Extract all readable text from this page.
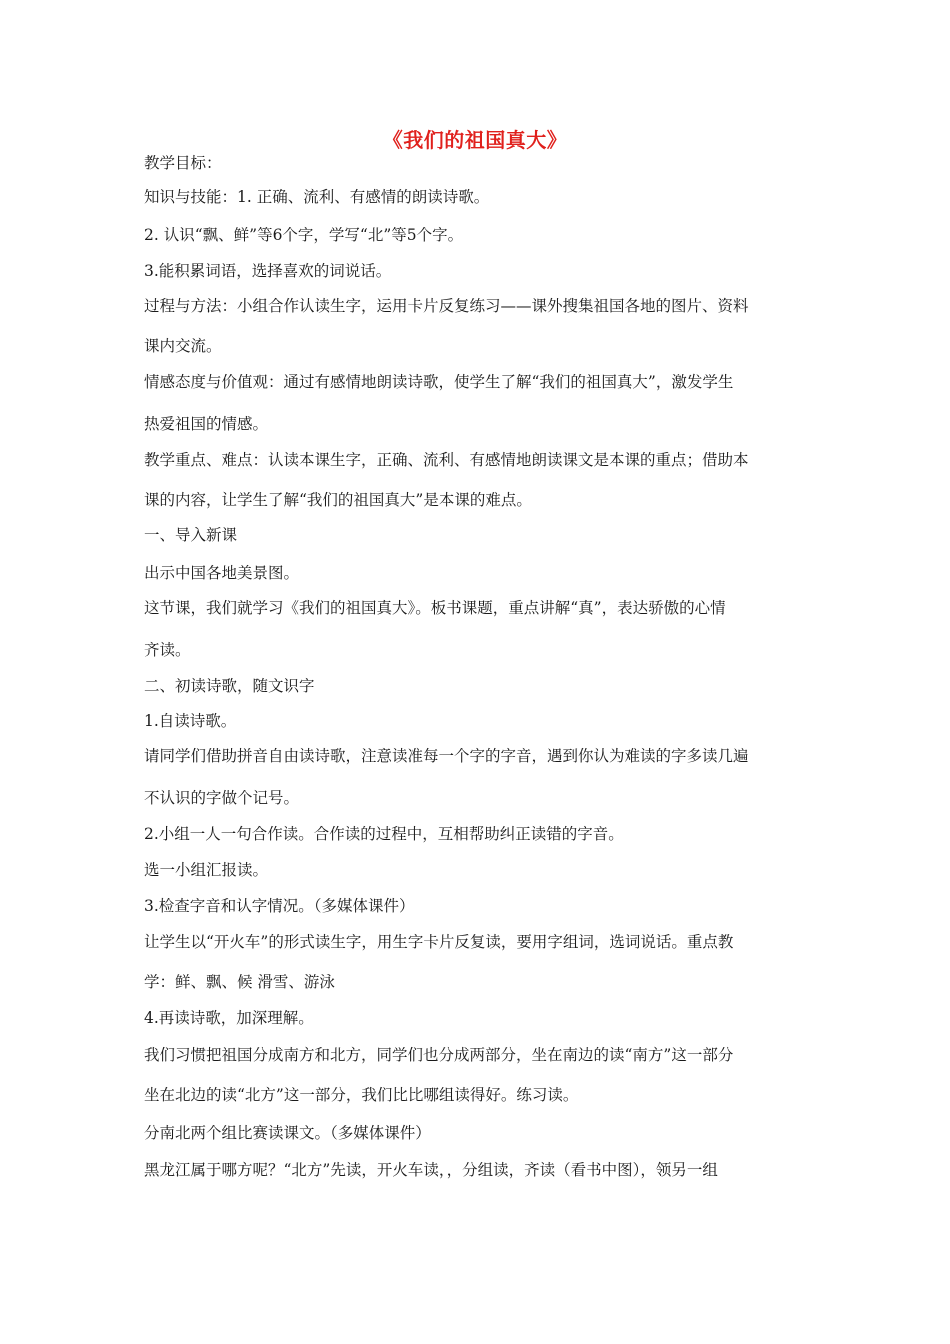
《我们的祖国真大》
教学目标：
知识与技能：1. 正确、流利、有感情的朗读诗歌。
2. 认识“飘、鲜”等6个字，学写“北”等5个字。
3.能积累词语，选择喜欢的词说话。
过程与方法：小组合作认读生字，运用卡片反复练习——课外搜集祖国各地的图片、资料
课内交流。
情感态度与价值观：通过有感情地朗读诗歌，使学生了解“我们的祖国真大”，激发学生
热爱祖国的情感。
教学重点、难点：认读本课生字，正确、流利、有感情地朗读课文是本课的重点；借助本
课的内容，让学生了解“我们的祖国真大”是本课的难点。
一、导入新课
出示中国各地美景图。
这节课，我们就学习《我们的祖国真大》。板书课题，重点讲解“真”，表达骄傲的心情
齐读。
二、初读诗歌，随文识字
1.自读诗歌。
请同学们借助拼音自由读诗歌，注意读准每一个字的字音，遇到你认为难读的字多读几遍
不认识的字做个记号。
2.小组一人一句合作读。合作读的过程中，互相帮助纠正读错的字音。
选一小组汇报读。
3.检查字音和认字情况。（多媒体课件）
让学生以“开火车”的形式读生字，用生字卡片反复读，要用字组词，选词说话。重点教
学：鲜、飘、候 滑雪、游泳
4.再读诗歌，加深理解。
我们习惯把祖国分成南方和北方，同学们也分成两部分，坐在南边的读“南方”这一部分
坐在北边的读“北方”这一部分，我们比比哪组读得好。练习读。
分南北两个组比赛读课文。（多媒体课件）
黑龙江属于哪方呢？“北方”先读，开火车读，，分组读，齐读（看书中图），领另一组
